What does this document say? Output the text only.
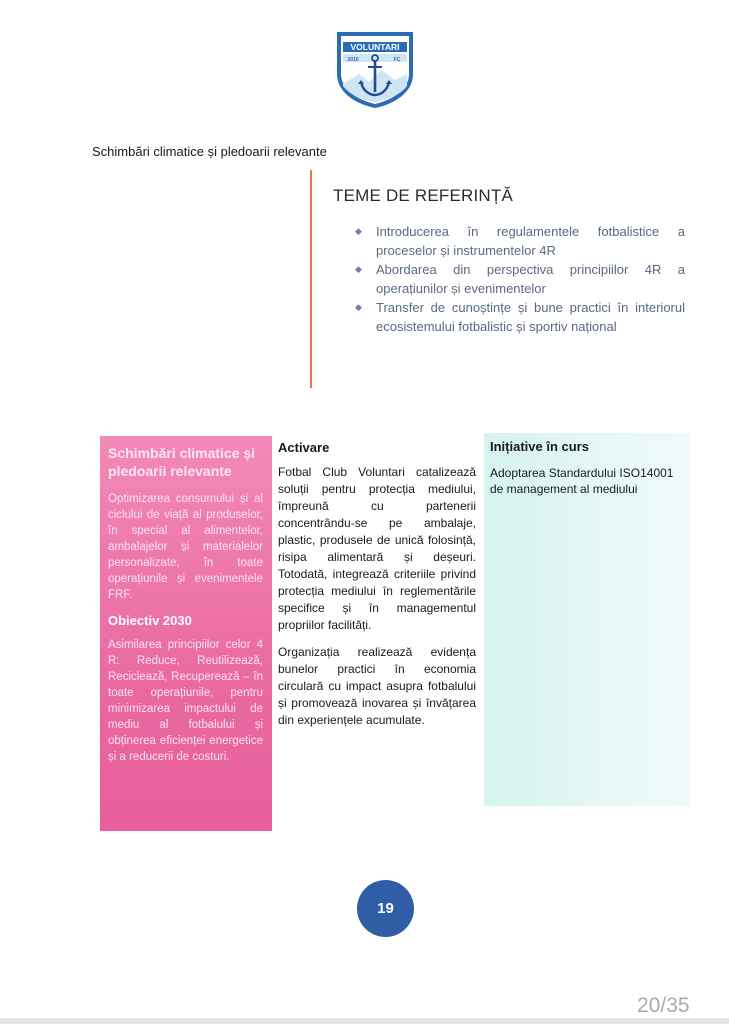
VOLUNTARI
2010	FC
Schimbări climatice și pledoarii relevante
TEME DE REFERINȚĂ
◆ Introducerea în regulamentele fotbalistice a proceselor și instrumentelor 4R
◆ Abordarea din perspectiva principiilor 4R a operațiunilor și evenimentelor
◆ Transfer de cunoștințe și bune practici în interiorul ecosistemului fotbalistic și sportiv național
Schimbări climatice și pledoarii relevante
Optimizarea consumului și al ciclului de viață al produselor, în special al alimentelor, ambalajelor și materialelor personalizate, în toate operațiunile și evenimentele FRF.
Obiectiv 2030
Asimilarea principiilor celor 4 R: Reduce, Reutilizează, Reciclează, Recuperează – în toate operațiunile, pentru minimizarea impactului de mediu al fotbalului și obținerea eficienței energetice și a reducerii de costuri.
Activare
Fotbal Club Voluntari catalizează soluții pentru protecția mediului, împreună cu partenerii concentrându-se pe ambalaje, plastic, produsele de unică folosință, risipa alimentară și deșeuri. Totodată, integrează criteriile privind protecția mediului în reglementările specifice și în managementul propriilor facilități.
Organizația realizează evidența bunelor practici în economia circulară cu impact asupra fotbalului și promovează inovarea și învățarea din experiențele acumulate.
Inițiative în curs
Adoptarea Standardului ISO14001 de management al mediului
19
20/35
